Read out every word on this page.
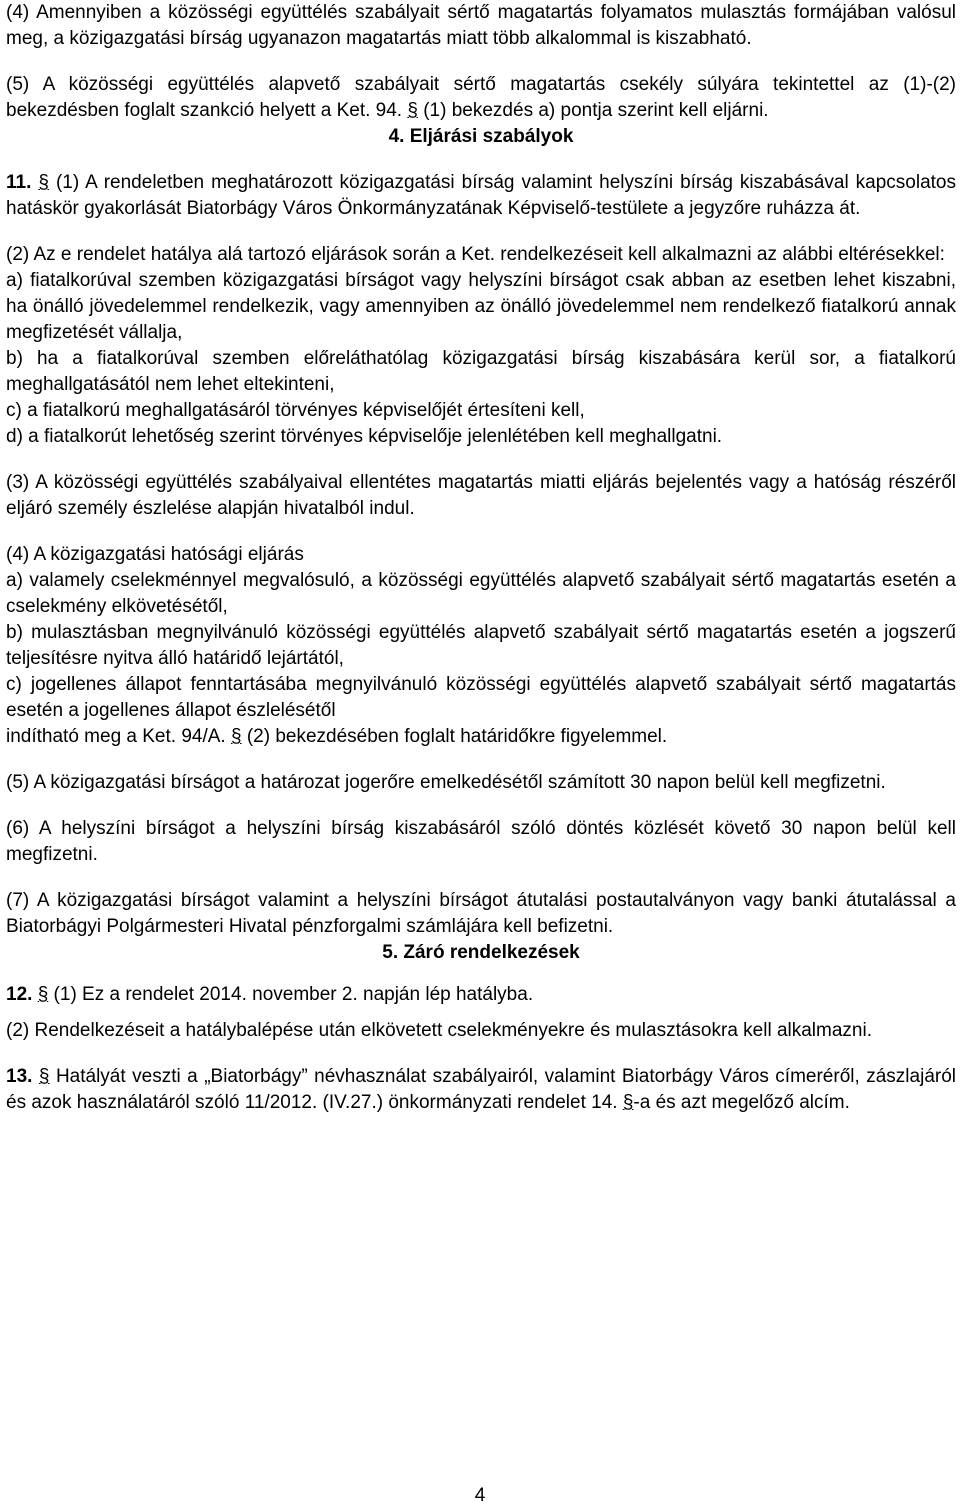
(4) Amennyiben a közösségi együttélés szabályait sértő magatartás folyamatos mulasztás formájában valósul meg, a közigazgatási bírság ugyanazon magatartás miatt több alkalommal is kiszabható.

(5) A közösségi együttélés alapvető szabályait sértő magatartás csekély súlyára tekintettel az (1)-(2) bekezdésben foglalt szankció helyett a Ket. 94. § (1) bekezdés a) pontja szerint kell eljárni.

4. Eljárási szabályok

11. § (1) A rendeletben meghatározott közigazgatási bírság valamint helyszíni bírság kiszabásával kapcsolatos hatáskör gyakorlását Biatorbágy Város Önkormányzatának Képviselő-testülete a jegyzőre ruházza át.

(2) Az e rendelet hatálya alá tartozó eljárások során a Ket. rendelkezéseit kell alkalmazni az alábbi eltérésekkel:

a) fiatalkorúval szemben közigazgatási bírságot vagy helyszíni bírságot csak abban az esetben lehet kiszabni, ha önálló jövedelemmel rendelkezik, vagy amennyiben az önálló jövedelemmel nem rendelkező fiatalkorú annak megfizetését vállalja,

b) ha a fiatalkorúval szemben előreláthatólag közigazgatási bírság kiszabására kerül sor, a fiatalkorú meghallgatásától nem lehet eltekinteni,

c) a fiatalkorú meghallgatásáról törvényes képviselőjét értesíteni kell,

d) a fiatalkorút lehetőség szerint törvényes képviselője jelenlétében kell meghallgatni.

(3) A közösségi együttélés szabályaival ellentétes magatartás miatti eljárás bejelentés vagy a hatóság részéről eljáró személy észlelése alapján hivatalból indul.

(4) A közigazgatási hatósági eljárás

a) valamely cselekménnyel megvalósuló, a közösségi együttélés alapvető szabályait sértő magatartás esetén a cselekmény elkövetésétől,

b) mulasztásban megnyilvánuló közösségi együttélés alapvető szabályait sértő magatartás esetén a jogszerű teljesítésre nyitva álló határidő lejártától,

c) jogellenes állapot fenntartásába megnyilvánuló közösségi együttélés alapvető szabályait sértő magatartás esetén a jogellenes állapot észlelésétől

indítható meg a Ket. 94/A. § (2) bekezdésében foglalt határidőkre figyelemmel.

(5) A közigazgatási bírságot a határozat jogerőre emelkedésétől számított 30 napon belül kell megfizetni.

(6) A helyszíni bírságot a helyszíni bírság kiszabásáról szóló döntés közlését követő 30 napon belül kell megfizetni.

(7) A közigazgatási bírságot valamint a helyszíni bírságot átutalási postautalványon vagy banki átutalással a Biatorbágyi Polgármesteri Hivatal pénzforgalmi számlájára kell befizetni.

5. Záró rendelkezések

12. § (1) Ez a rendelet 2014. november 2. napján lép hatályba.

(2) Rendelkezéseit a hatálybalépése után elkövetett cselekményekre és mulasztásokra kell alkalmazni.

13. § Hatályát veszti a „Biatorbágy” névhasználat szabályairól, valamint Biatorbágy Város címeréről, zászlajáról és azok használatáról szóló 11/2012. (IV.27.) önkormányzati rendelet 14. §-a és azt megelőző alcím.

4
